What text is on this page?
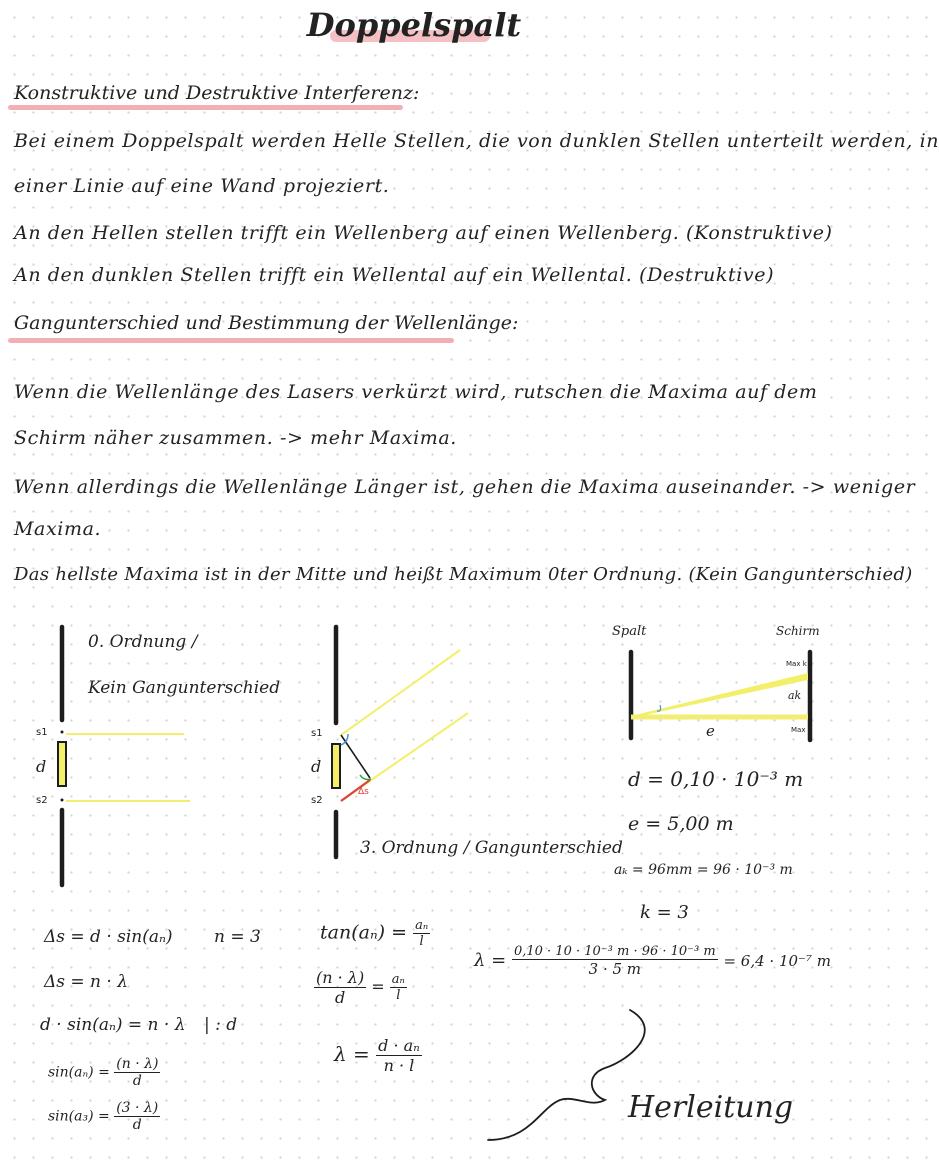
Doppelspalt
Konstruktive und Destruktive Interferenz:
Bei einem Doppelspalt werden Helle Stellen, die von dunklen Stellen unterteilt werden, in
einer Linie auf eine Wand projeziert.
An den Hellen stellen trifft ein Wellenberg auf einen Wellenberg. (Konstruktive)
An den dunklen Stellen trifft ein Wellental auf ein Wellental. (Destruktive)
Gangunterschied und Bestimmung der Wellenlänge:
Wenn die Wellenlänge des Lasers verkürzt wird, rutschen die Maxima auf dem
Schirm näher zusammen. -> mehr Maxima.
Wenn allerdings die Wellenlänge Länger ist, gehen die Maxima auseinander. -> weniger
Maxima.
Das hellste Maxima ist in der Mitte und heißt Maximum 0ter Ordnung. (Kein Gangunterschied)
0. Ordnung /
Kein Gangunterschied
s1
d
s2
s1
d
s2
Δs
3. Ordnung / Gangunterschied
Spalt	Schirm
Max k
ak
Max 0
e
d = 0,10 · 10⁻³ m
e = 5,00 m
aₖ = 96mm = 96 · 10⁻³ m
k = 3
Δs = d · sin(aₙ) n = 3
Δs = n · λ
d · sin(aₙ) = n · λ | : d
$\sin(a_n) = \frac{(n \cdot \lambda)}{d}$
$\sin(a_3) = \frac{(3 \cdot \lambda)}{d}$
$\tan(a_n) = \frac{\text{aₙ}}{l}$
$\frac{(n \cdot \lambda)}{d} = \frac{\text{aₙ}}{l}$
$\lambda = \frac{\text{d · aₙ}}{n \cdot l}$
$\lambda = \frac{\text{0,10 · 10 · 10⁻³ m · 96 · 10⁻³ m}}{3 \cdot 5 m} = 6,4 \cdot 10^{-7}$ m
Herleitung
